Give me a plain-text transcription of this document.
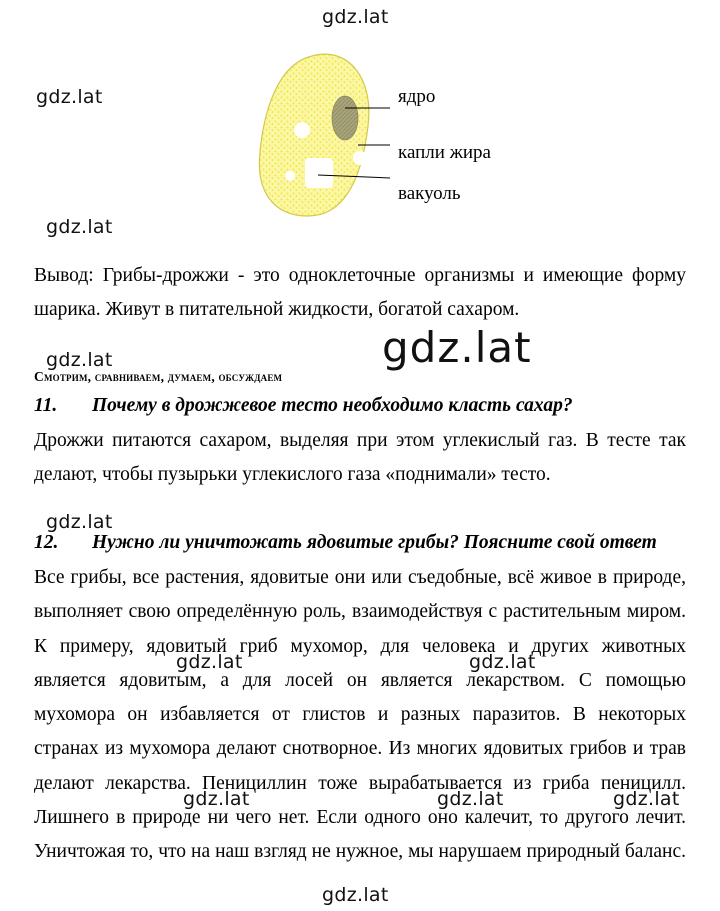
gdz.lat
gdz.lat
gdz.lat
ядро
капли жира
вакуоль
Вывод: Грибы-дрожжи - это одноклеточные организмы и имеющие форму
шарика. Живут в питательной жидкости, богатой сахаром.
gdz.lat	gdz.lat
Смотрим, сравниваем, думаем, обсуждаем
11. Почему в дрожжевое тесто необходимо класть сахар?
Дрожжи питаются сахаром, выделяя при этом углекислый газ. В тесте так
делают, чтобы пузырьки углекислого газа «поднимали» тесто.
gdz.lat
12. Нужно ли уничтожать ядовитые грибы? Поясните свой ответ
Все грибы, все растения, ядовитые они или съедобные, всё живое в природе,
выполняет свою определённую роль, взаимодействуя с растительным миром.
К примеру, ядовитый гриб мухомор, для человека и других животных
является ядовитым, а для лосей он является лекарством. С помощью
мухомора он избавляется от глистов и разных паразитов. В некоторых
странах из мухомора делают снотворное. Из многих ядовитых грибов и трав
делают лекарства. Пенициллин тоже вырабатывается из гриба пеницилл.
Лишнего в природе ни чего нет. Если одного оно калечит, то другого лечит.
Уничтожая то, что на наш взгляд не нужное, мы нарушаем природный баланс.
gdz.lat	gdz.lat
gdz.lat	gdz.lat	gdz.lat
gdz.lat
